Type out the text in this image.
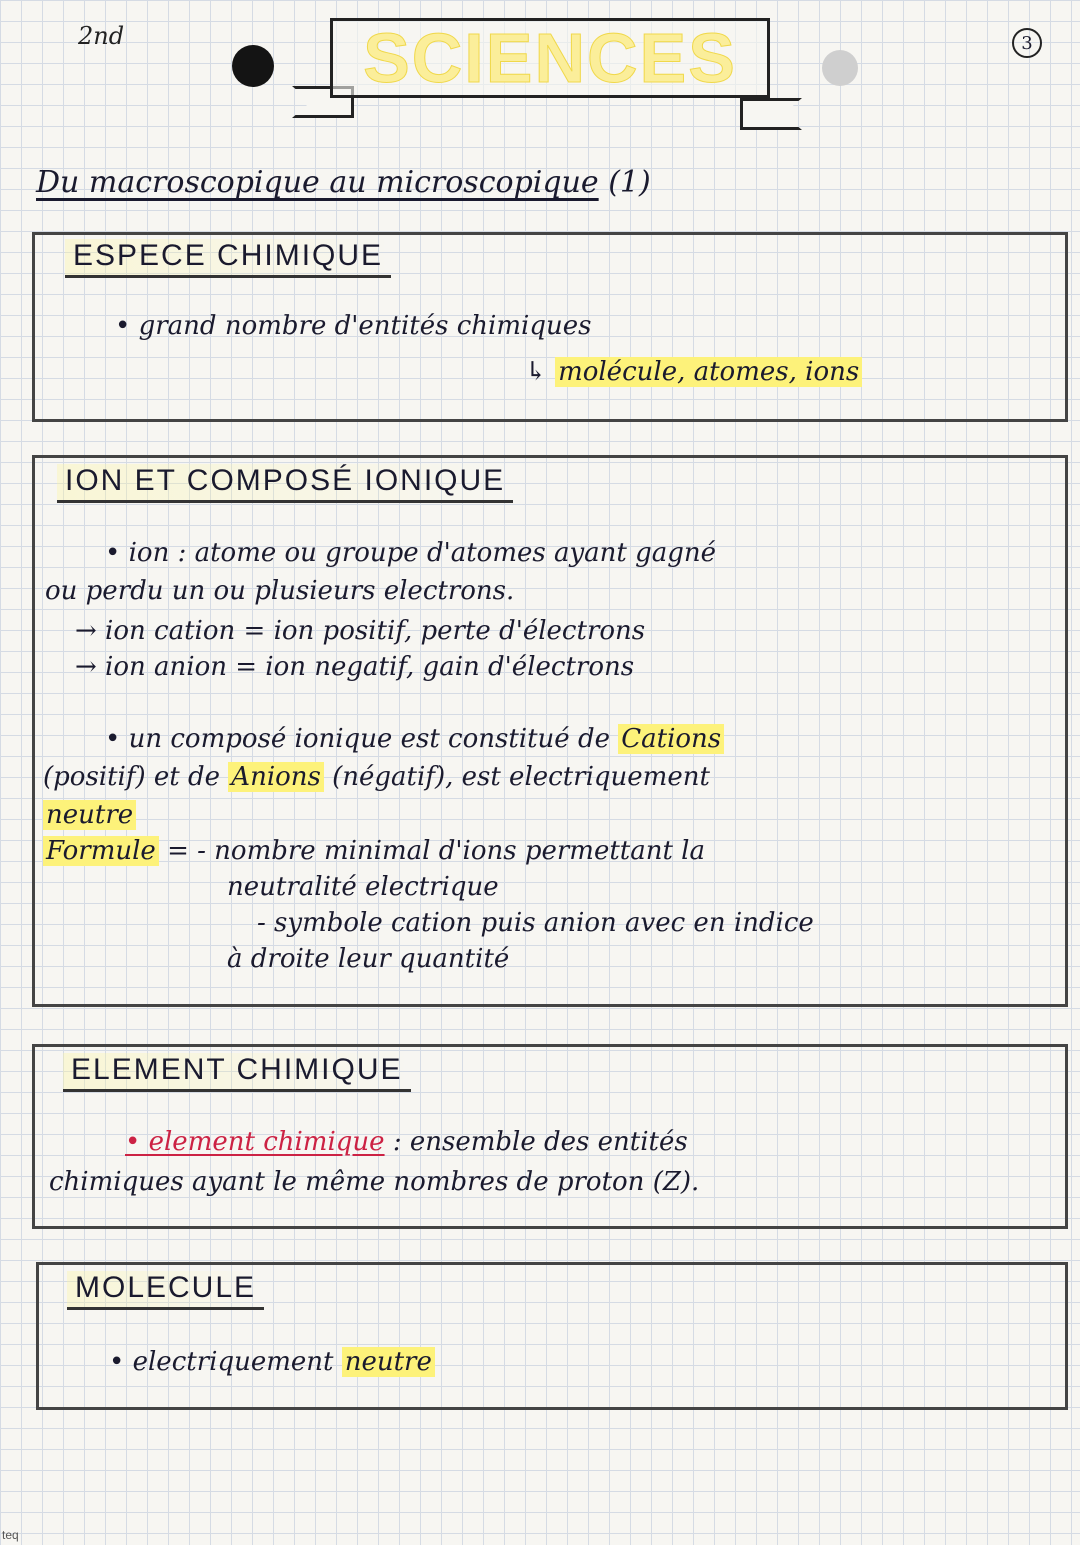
2nd	SCIENCES	3
Du macroscopique au microscopique (1)
ESPECE CHIMIQUE
• grand nombre d'entités chimiques
↳ molécule, atomes, ions
ION ET COMPOSÉ IONIQUE
• ion : atome ou groupe d'atomes ayant gagné
ou perdu un ou plusieurs electrons.
→ ion cation = ion positif, perte d'électrons
→ ion anion = ion negatif, gain d'électrons
• un composé ionique est constitué de Cations
(positif) et de Anions (négatif), est electriquement
neutre
Formule = - nombre minimal d'ions permettant la
neutralité electrique
- symbole cation puis anion avec en indice
à droite leur quantité
ELEMENT CHIMIQUE
• element chimique : ensemble des entités
chimiques ayant le même nombres de proton (Z).
MOLECULE
• electriquement neutre
teq
